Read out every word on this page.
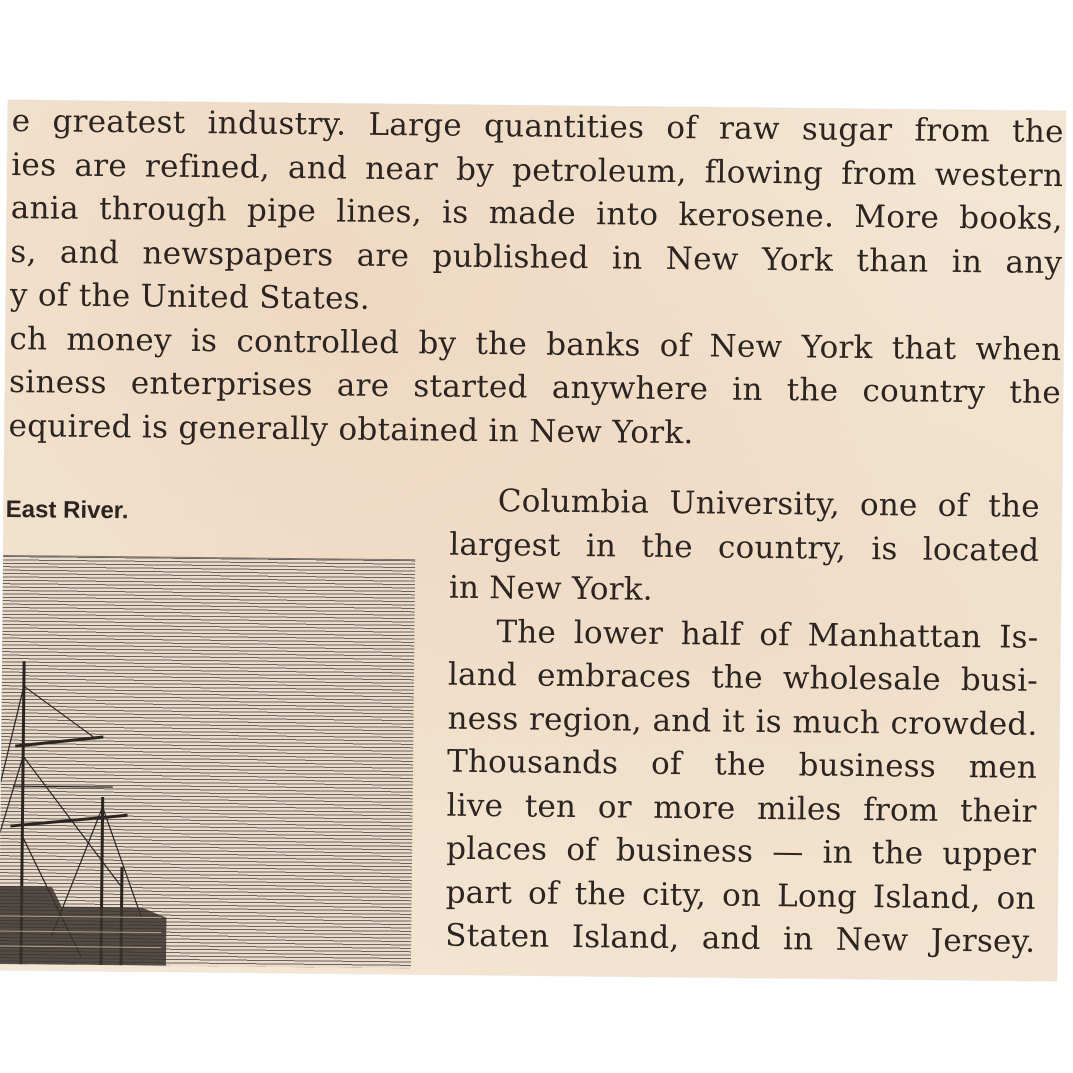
e greatest industry. Large quantities of raw sugar from the
ies are refined, and near by petroleum, flowing from western
ania through pipe lines, is made into kerosene. More books,
s, and newspapers are published in New York than in any
y of the United States.
ch money is controlled by the banks of New York that when
siness enterprises are started anywhere in the country the
equired is generally obtained in New York.
East River.	Columbia University, one of the
largest in the country, is located
in New York.
The lower half of Manhattan Is-
land embraces the wholesale busi-
ness region, and it is much crowded.
Thousands of the business men
live ten or more miles from their
places of business — in the upper
part of the city, on Long Island, on
Staten Island, and in New Jersey.
